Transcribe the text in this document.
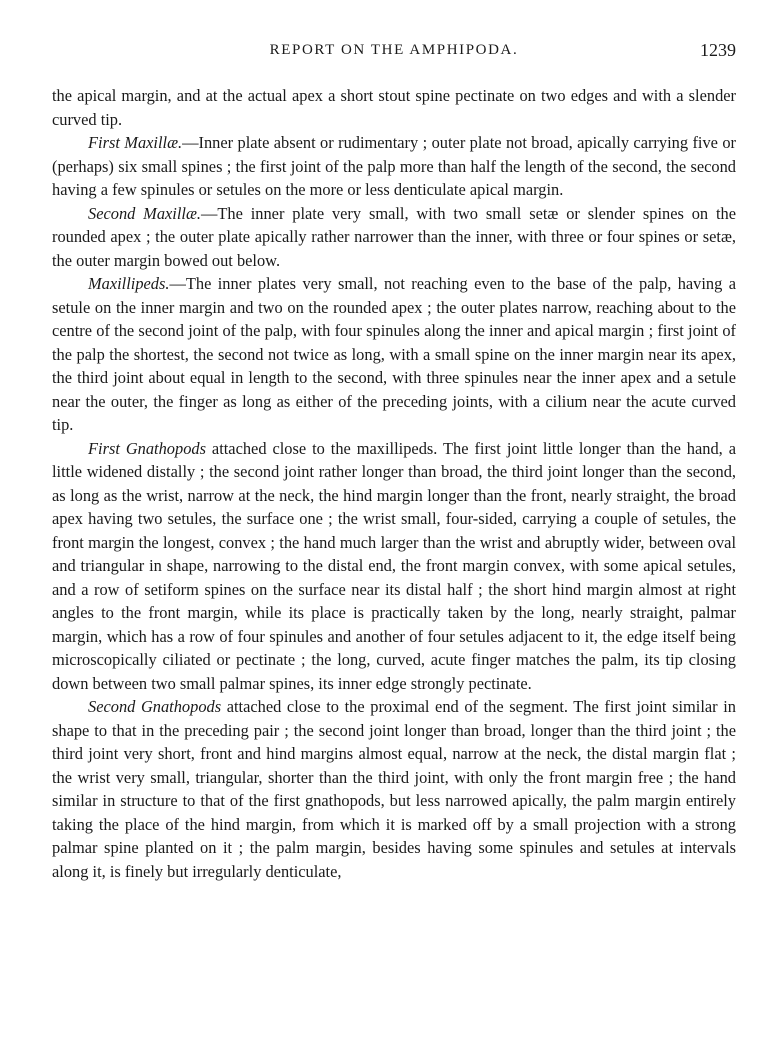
REPORT ON THE AMPHIPODA.	1239

the apical margin, and at the actual apex a short stout spine pectinate on two edges and with a slender curved tip.

First Maxillæ.—Inner plate absent or rudimentary ; outer plate not broad, apically carrying five or (perhaps) six small spines ; the first joint of the palp more than half the length of the second, the second having a few spinules or setules on the more or less denticulate apical margin.

Second Maxillæ.—The inner plate very small, with two small setæ or slender spines on the rounded apex ; the outer plate apically rather narrower than the inner, with three or four spines or setæ, the outer margin bowed out below.

Maxillipeds.—The inner plates very small, not reaching even to the base of the palp, having a setule on the inner margin and two on the rounded apex ; the outer plates narrow, reaching about to the centre of the second joint of the palp, with four spinules along the inner and apical margin ; first joint of the palp the shortest, the second not twice as long, with a small spine on the inner margin near its apex, the third joint about equal in length to the second, with three spinules near the inner apex and a setule near the outer, the finger as long as either of the preceding joints, with a cilium near the acute curved tip.

First Gnathopods attached close to the maxillipeds. The first joint little longer than the hand, a little widened distally ; the second joint rather longer than broad, the third joint longer than the second, as long as the wrist, narrow at the neck, the hind margin longer than the front, nearly straight, the broad apex having two setules, the surface one ; the wrist small, four-sided, carrying a couple of setules, the front margin the longest, convex ; the hand much larger than the wrist and abruptly wider, between oval and triangular in shape, narrowing to the distal end, the front margin convex, with some apical setules, and a row of setiform spines on the surface near its distal half ; the short hind margin almost at right angles to the front margin, while its place is practically taken by the long, nearly straight, palmar margin, which has a row of four spinules and another of four setules adjacent to it, the edge itself being microscopically ciliated or pectinate ; the long, curved, acute finger matches the palm, its tip closing down between two small palmar spines, its inner edge strongly pectinate.

Second Gnathopods attached close to the proximal end of the segment. The first joint similar in shape to that in the preceding pair ; the second joint longer than broad, longer than the third joint ; the third joint very short, front and hind margins almost equal, narrow at the neck, the distal margin flat ; the wrist very small, triangular, shorter than the third joint, with only the front margin free ; the hand similar in structure to that of the first gnathopods, but less narrowed apically, the palm margin entirely taking the place of the hind margin, from which it is marked off by a small projection with a strong palmar spine planted on it ; the palm margin, besides having some spinules and setules at intervals along it, is finely but irregularly denticulate,
